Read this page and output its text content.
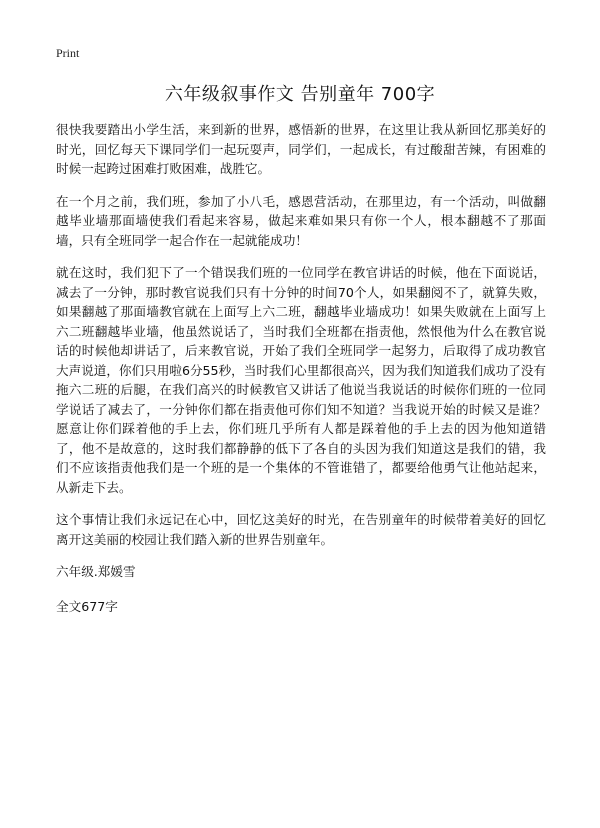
Print
六年级叙事作文 告别童年 700字

很快我要踏出小学生活，来到新的世界，感悟新的世界，在这里让我从新回忆那美好的时光，回忆每天下课同学们一起玩耍声，同学们，一起成长，有过酸甜苦辣，有困难的时候一起跨过困难打败困难，战胜它。

在一个月之前，我们班，参加了小八毛，感恩营活动，在那里边，有一个活动，叫做翻越毕业墙那面墙使我们看起来容易，做起来难如果只有你一个人，根本翻越不了那面墙，只有全班同学一起合作在一起就能成功！

就在这时，我们犯下了一个错误我们班的一位同学在教官讲话的时候，他在下面说话，减去了一分钟，那时教官说我们只有十分钟的时间70个人，如果翻阅不了，就算失败，如果翻越了那面墙教官就在上面写上六二班，翻越毕业墙成功！如果失败就在上面写上六二班翻越毕业墙，他虽然说话了，当时我们全班都在指责他，然恨他为什么在教官说话的时候他却讲话了，后来教官说，开始了我们全班同学一起努力，后取得了成功教官大声说道，你们只用啦6分55秒，当时我们心里都很高兴，因为我们知道我们成功了没有拖六二班的后腿，在我们高兴的时候教官又讲话了他说当我说话的时候你们班的一位同学说话了减去了，一分钟你们都在指责他可你们知不知道？当我说开始的时候又是谁？愿意让你们踩着他的手上去，你们班几乎所有人都是踩着他的手上去的因为他知道错了，他不是故意的，这时我们都静静的低下了各自的头因为我们知道这是我们的错，我们不应该指责他我们是一个班的是一个集体的不管谁错了，都要给他勇气让他站起来，从新走下去。

这个事情让我们永远记在心中，回忆这美好的时光，在告别童年的时候带着美好的回忆离开这美丽的校园让我们踏入新的世界告别童年。

六年级.郑媛雪

全文677字
